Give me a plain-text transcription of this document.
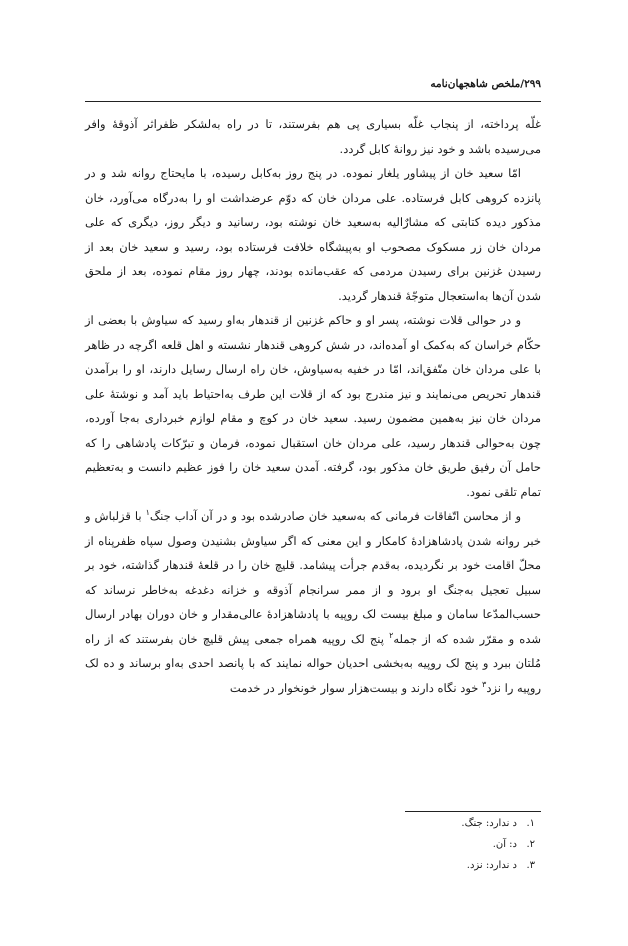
۲۹۹/ملخص شاهجهان‌نامه

غلّه پرداخته، از پنجاب غلّه بسیاری پی هم بفرستند، تا در راه به‌لشکر ظفراثر آذوقهٔ وافر می‌رسیده باشد و خود نیز روانهٔ کابل گردد.

امّا سعید خان از پیشاور یلغار نموده. در پنج روز به‌کابل رسیده، با مایحتاج روانه شد و در پانزده کروهی کابل فرستاده. علی مردان خان که دوّم عرضداشت او را به‌درگاه می‌آورد، خان مذکور دیده کتابتی که مشارٌالیه به‌سعید خان نوشته بود، رسانید و دیگر روز، دیگری که علی مردان خان زر مسکوک مصحوب او به‌پیشگاه خلافت فرستاده بود، رسید و سعید خان بعد از رسیدن غزنین برای رسیدن مردمی که عقب‌مانده بودند، چهار روز مقام نموده، بعد از ملحق شدن آن‌ها به‌استعجال متوجّهٔ قندهار گردید.

و در حوالی قلات نوشته، پسر او و حاکم غزنین از قندهار به‌او رسید که سیاوش با بعضی از حکّام خراسان که به‌کمک او آمده‌اند، در شش کروهی قندهار نشسته و اهل قلعه اگرچه در ظاهر با علی مردان خان متّفق‌اند، امّا در خفیه به‌سیاوش، خان راه ارسال رسایل دارند، او را برآمدن قندهار تحریص می‌نمایند و نیز مندرج بود که از قلات این طرف به‌احتیاط باید آمد و نوشتهٔ علی مردان خان نیز به‌همین مضمون رسید. سعید خان در کوچ و مقام لوازم خبرداری به‌جا آورده، چون به‌حوالی قندهار رسید، علی مردان خان استقبال نموده، فرمان و تبرّکات پادشاهی را که حامل آن رفیق طریق خان مذکور بود، گرفته. آمدن سعید خان را فوز عظیم دانست و به‌تعظیم تمام تلقی نمود.

و از محاسن اتّفاقات فرمانی که به‌سعید خان صادرشده بود و در آن آداب جنگ$^۱$ با قزلباش و خبر روانه شدن پادشاهزادهٔ کامکار و این معنی که اگر سیاوش بشنیدن وصول سپاه ظفرپناه از محلّ اقامت خود بر نگردیده، به‌قدم جرأت پیشامد. قلیچ خان را در قلعهٔ قندهار گذاشته، خود بر سبیل تعجیل به‌جنگ او برود و از ممر سرانجام آذوقه و خزانه دغدغه به‌خاطر نرساند که حسب‌المدّعا سامان و مبلغ بیست لک روپیه با پادشاهزادهٔ عالی‌مقدار و خان دوران بهادر ارسال شده و مقرّر شده که از جمله$^۲$ پنج لک روپیه همراه جمعی پیش قلیچ خان بفرستند که از راه مُلتان ببرد و پنج لک روپیه به‌بخشی احدیان حواله نمایند که با پانصد احدی به‌او برساند و ده لک روپیه را نزد$^۳$ خود نگاه دارند و بیست‌هزار سوار خونخوار در خدمت

۱.د ندارد: جنگ.

۲.د: آن.

۳.د ندارد: نزد.
